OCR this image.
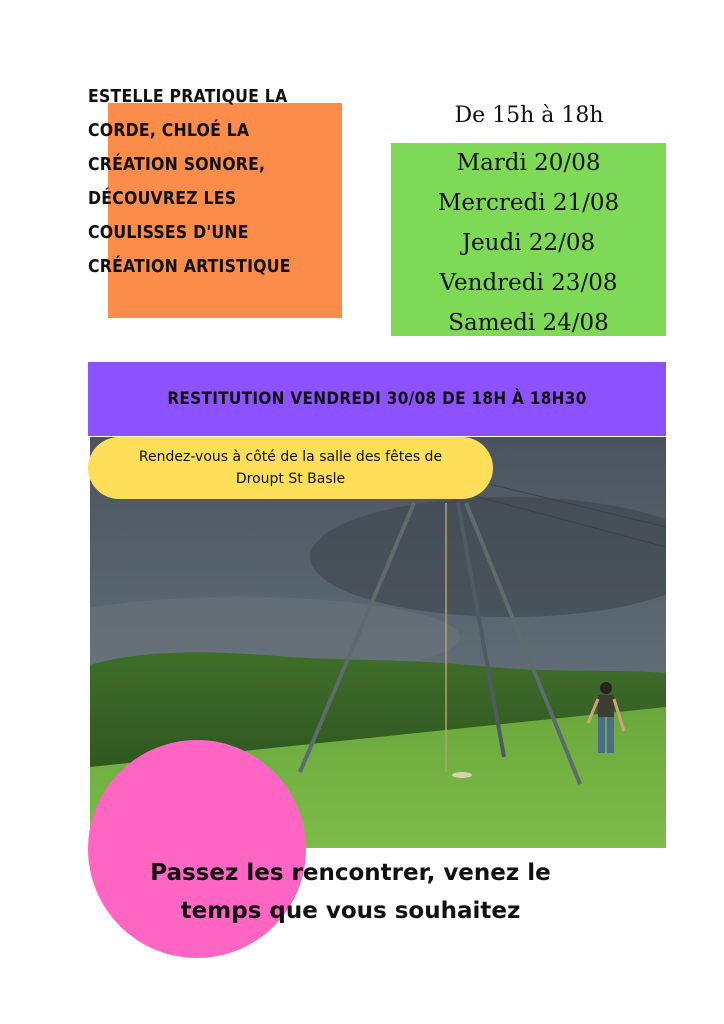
ESTELLE PRATIQUE LA
CORDE, CHLOÉ LA
CRÉATION SONORE,
DÉCOUVREZ LES
COULISSES D'UNE
CRÉATION ARTISTIQUE
De 15h à 18h
Mardi 20/08
Mercredi 21/08
Jeudi 22/08
Vendredi 23/08
Samedi 24/08
RESTITUTION VENDREDI 30/08 DE 18H À 18H30
Rendez-vous à côté de la salle des fêtes de
Droupt St Basle
Passez les rencontrer, venez le
temps que vous souhaitez
